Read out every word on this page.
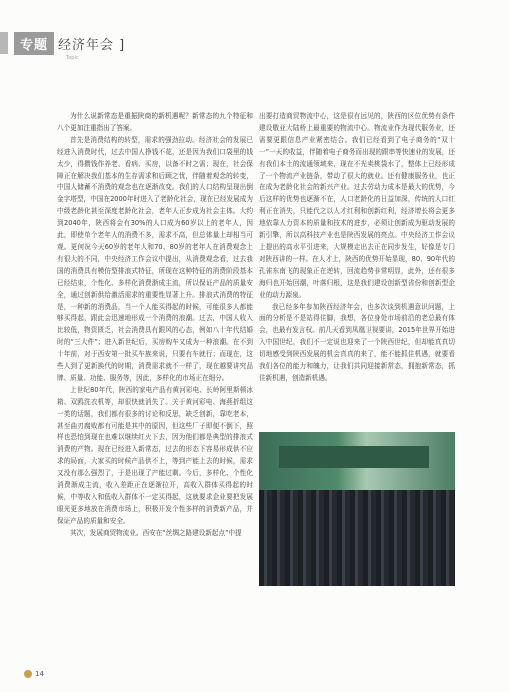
专题 经济年会 ]
Topic

为什么说新常态是重振陕商的新机遇呢？新常态的九个特征和八个更加注重指出了答案。

首先是消费结构的转型，需求的强劲拉动。经济社会的发展已经进入消费时代，过去中国人挣钱不花，还是因为我们口袋里的钱太少，得攒钱作养老、看病、买房，以备不时之需；现在，社会保障正在解决我们基本的生存需求和后顾之忧，伴随着观念的转变，中国人储蓄不消费的观念也在逐渐改变。我们的人口结构呈现出倒金字塔型，中国在2000年时进入了老龄化社会，现在已经发展成为中级老龄化甚至深度老龄化社会，老年人正步成为社会主体。大约到2040年，陕西将会有30%的人口成为60岁以上的老年人，因此，即使单个老年人的消费不多，需求不高，但总体量上却相当可观。更何况今天60岁的老年人和70、80岁的老年人在消费观念上有很大的不同，中央经济工作会议中提出，从消费观念看，过去我国的消费具有模仿型排浪式特征，所现在这种特征的消费阶段基本已经结束，个性化、多样化消费渐成主流，所以保证产品的质量安全，通过创新供给激活需求的重要性显著上升。排浪式消费的特征是，一种新的消费品，当一个人能买得起的时候，可能很多人都能够买得起，跟此会迅速地形成一个消费的浪潮。过去，中国人收入比较低，物资匮乏，社会消费具有跟风的心态，例如八十年代结婚时的“三大件”；进入新世纪后，买房购车又成为一种浪潮。在不到十年前，对于西安第一批买车族来说，只要有车就行；而现在，这些人到了更新换代的时期，消费需求就不一样了，现在越要讲究品牌、质量、功能、服务等，因此，多样化的市场正在细分。

上世纪80年代，陕西的家电产品有黄河彩电、长岭阿里斯顿冰箱、双鸥洗衣机等，却很快就消失了。关于黄河彩电、海燕折组这一类的话题，我们都有很多的讨论和反思，缺乏创新，靠吃老本，甚至曲刃腐败都有可能是其中的原因，但这些厂子即便不倒下，照样也恐怕到现在也难以继续红火下去，因为他们都是典型的排浪式消费的产物。现在已经进入新常态，过去的形态下容易形成供不应求的局面，大家买的时候产品供不上，等到产能上去的时候，需求又没有那么强烈了，于是出现了产能过剩。今后，多样化、个性化消费渐成主流，收入差距正在逐渐拉开，高收入群体买得起的时候，中等收入和低收入群体不一定买得起，这就要求企业要把发展眼光更多地放在消费市场上，积极开发个性多样的消费新产品，并保证产品的质量和安全。

其次，发展商贸物流业。西安在“丝绸之路建设新起点”中提

出要打造商贸物流中心，这是很有远见的，陕西的区位优势有条件建设敬亚大陆桥上最重要的物流中心。物流业作为现代服务业，还需要更跟信息产业紧密结合。我们已经看到了电子商务的“双十一”一天的收益，伴随着电子商务而出现的跟串等快速业的发展，还有我们本土的流通领域来，现在不光卖桃袋水了，整体上已经形成了一个物流产业链条，带动了很大的就业。还有健康服务业，也正在成为老龄化社会的新兴产业。过去劳动力成本是最大的优势，今后这样的优势也逐渐不在，人口老龄化的日益加深，传统的人口红利正在消失，只能代之以人才红利和创新红利，经济增长将会更多地依靠人力资本的质量和技术的进步，必须让创新成为驱动发展的新引擎，所以高科技产业也是陕西发展的亮点。中央经济工作会议上提出的高水平引进来，大规模走出去正在同步发生，好像是专门对陕西讲的一样。在人才上，陕西的优势开始显现，80、90年代的孔雀东南飞的现象正在逆转，回流趋势非常明显，此外，还有很多海归也开始回潮，叶落归根，这是我们建设创新型省份和创新型企业的动力源泉。

我已经多年参加陕西经济年会，也多次谈到机遇意识问题，上面的分析是不是站得住脚，我想，各位身处市场前沿的老总最有体会，也最有发言权。前几天看到凤凰卫视要讲，2015年世界开始进入中国世纪，我们不一定说也迎来了一个陕西世纪，但却能真真切切地感受到陕西发展的机会真真的来了，能不能抓住机遇，就要看我们各位的能力和魄力，让我们共同迎接新常态，拥抱新常态，抓住新机遇，创造新机遇。

14
